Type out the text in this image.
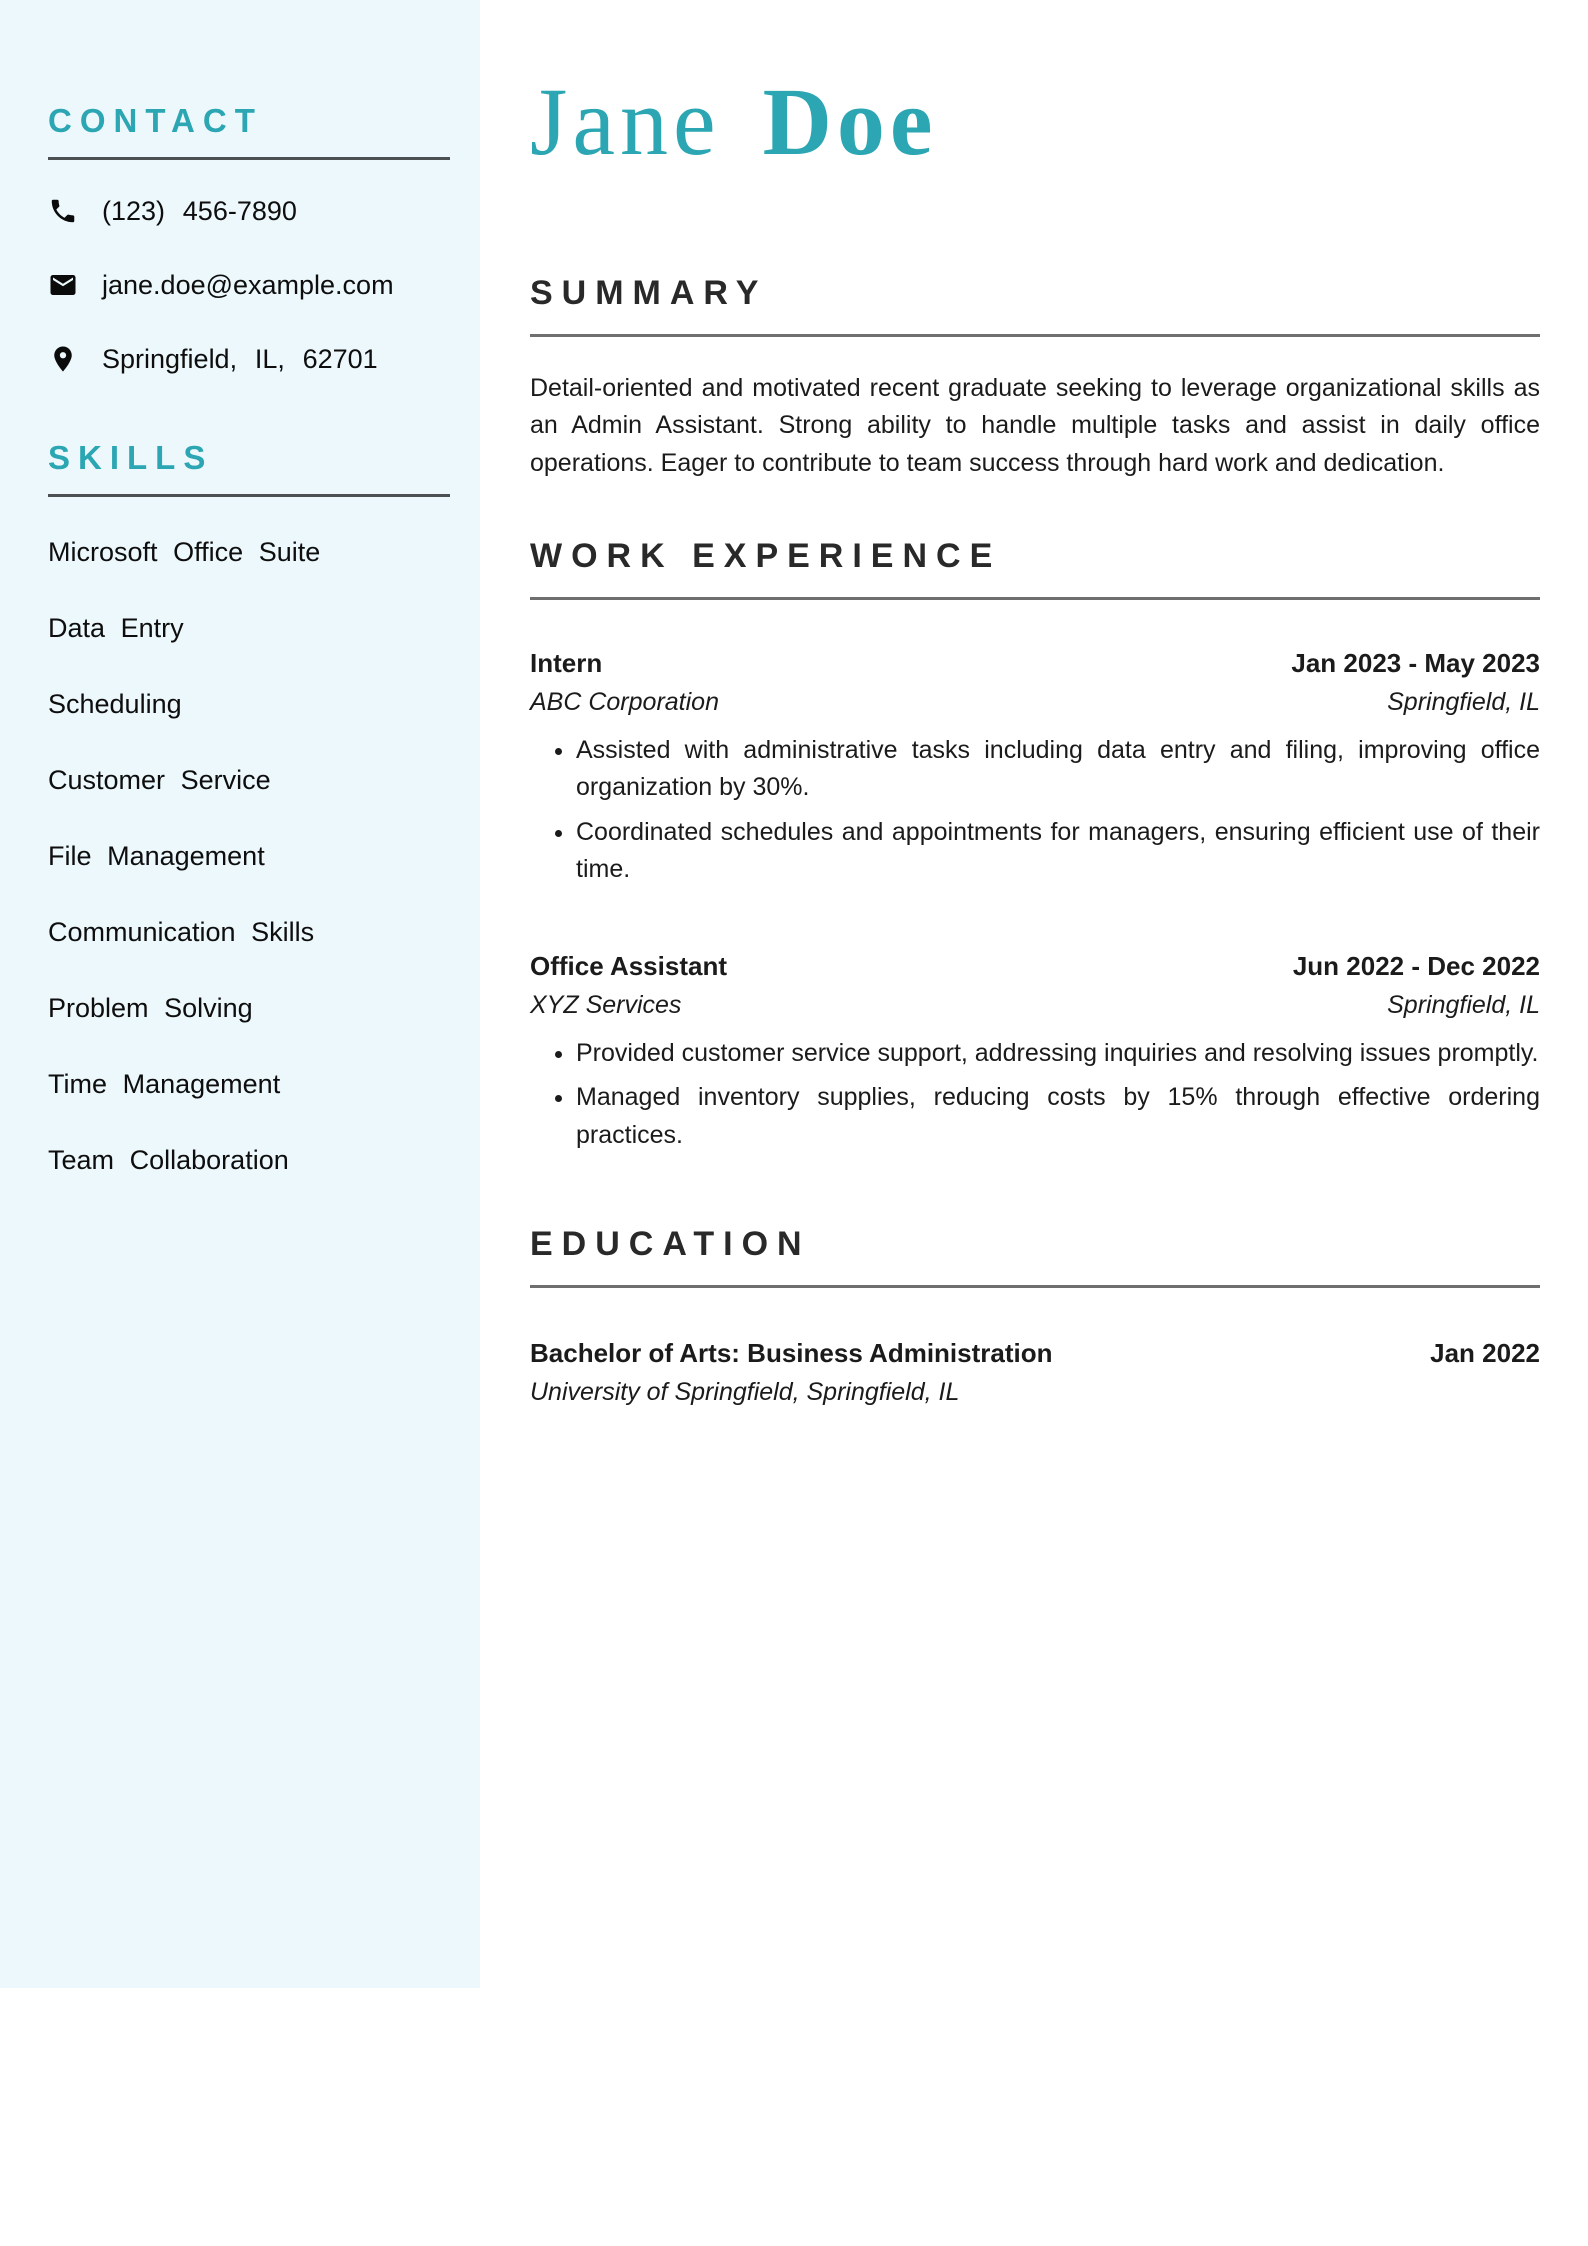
CONTACT
(123) 456-7890
jane.doe@example.com
Springfield, IL, 62701
SKILLS
Microsoft Office Suite
Data Entry
Scheduling
Customer Service
File Management
Communication Skills
Problem Solving
Time Management
Team Collaboration
Jane Doe
SUMMARY

Detail-oriented and motivated recent graduate seeking to leverage organizational skills as an Admin Assistant. Strong ability to handle multiple tasks and assist in daily office operations. Eager to contribute to team success through hard work and dedication.

WORK EXPERIENCE
Intern	Jan 2023 - May 2023
ABC Corporation	Springfield, IL
• Assisted with administrative tasks including data entry and filing, improving office organization by 30%.
• Coordinated schedules and appointments for managers, ensuring efficient use of their time.
Office Assistant	Jun 2022 - Dec 2022
XYZ Services	Springfield, IL
• Provided customer service support, addressing inquiries and resolving issues promptly.
• Managed inventory supplies, reducing costs by 15% through effective ordering practices.
EDUCATION
Bachelor of Arts: Business Administration	Jan 2022
University of Springfield, Springfield, IL
